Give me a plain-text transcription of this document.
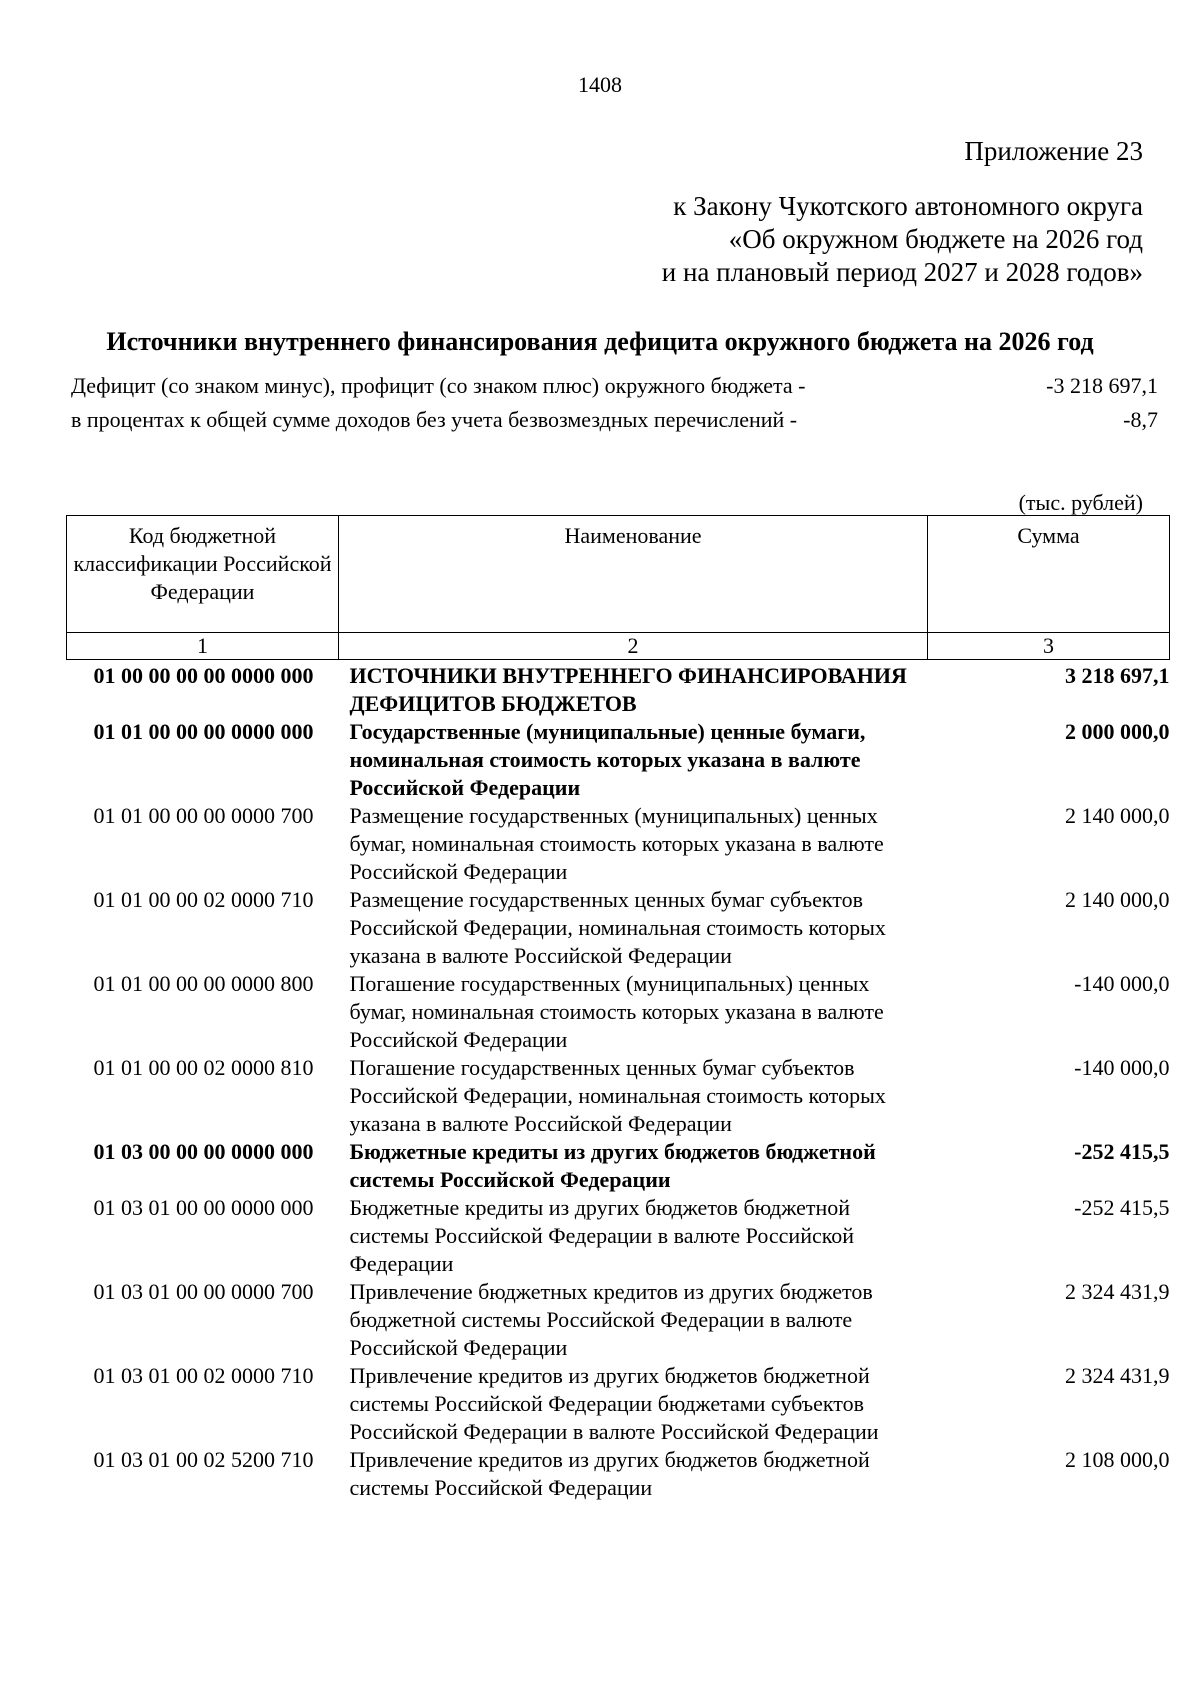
1408
Приложение 23
к Закону Чукотского автономного округа
«Об окружном бюджете на 2026 год
и на плановый период 2027 и 2028 годов»
Источники внутреннего финансирования дефицита окружного бюджета на 2026 год
Дефицит (со знаком минус), профицит (со знаком плюс) окружного бюджета -	-3 218 697,1
в процентах к общей сумме доходов без учета безвозмездных перечислений -	-8,7
(тыс. рублей)
Код бюджетной классификации Российской Федерации	Наименование	Сумма
1	2	3
01 00 00 00 00 0000 000	ИСТОЧНИКИ ВНУТРЕННЕГО ФИНАНСИРОВАНИЯ ДЕФИЦИТОВ БЮДЖЕТОВ	3 218 697,1
01 01 00 00 00 0000 000	Государственные (муниципальные) ценные бумаги, номинальная стоимость которых указана в валюте Российской Федерации	2 000 000,0
01 01 00 00 00 0000 700	Размещение государственных (муниципальных) ценных бумаг, номинальная стоимость которых указана в валюте Российской Федерации	2 140 000,0
01 01 00 00 02 0000 710	Размещение государственных ценных бумаг субъектов Российской Федерации, номинальная стоимость которых указана в валюте Российской Федерации	2 140 000,0
01 01 00 00 00 0000 800	Погашение государственных (муниципальных) ценных бумаг, номинальная стоимость которых указана в валюте Российской Федерации	-140 000,0
01 01 00 00 02 0000 810	Погашение государственных ценных бумаг субъектов Российской Федерации, номинальная стоимость которых указана в валюте Российской Федерации	-140 000,0
01 03 00 00 00 0000 000	Бюджетные кредиты из других бюджетов бюджетной системы Российской Федерации	-252 415,5
01 03 01 00 00 0000 000	Бюджетные кредиты из других бюджетов бюджетной системы Российской Федерации в валюте Российской Федерации	-252 415,5
01 03 01 00 00 0000 700	Привлечение бюджетных кредитов из других бюджетов бюджетной системы Российской Федерации в валюте Российской Федерации	2 324 431,9
01 03 01 00 02 0000 710	Привлечение кредитов из других бюджетов бюджетной системы Российской Федерации бюджетами субъектов Российской Федерации в валюте Российской Федерации	2 324 431,9
01 03 01 00 02 5200 710	Привлечение кредитов из других бюджетов бюджетной системы Российской Федерации	2 108 000,0
